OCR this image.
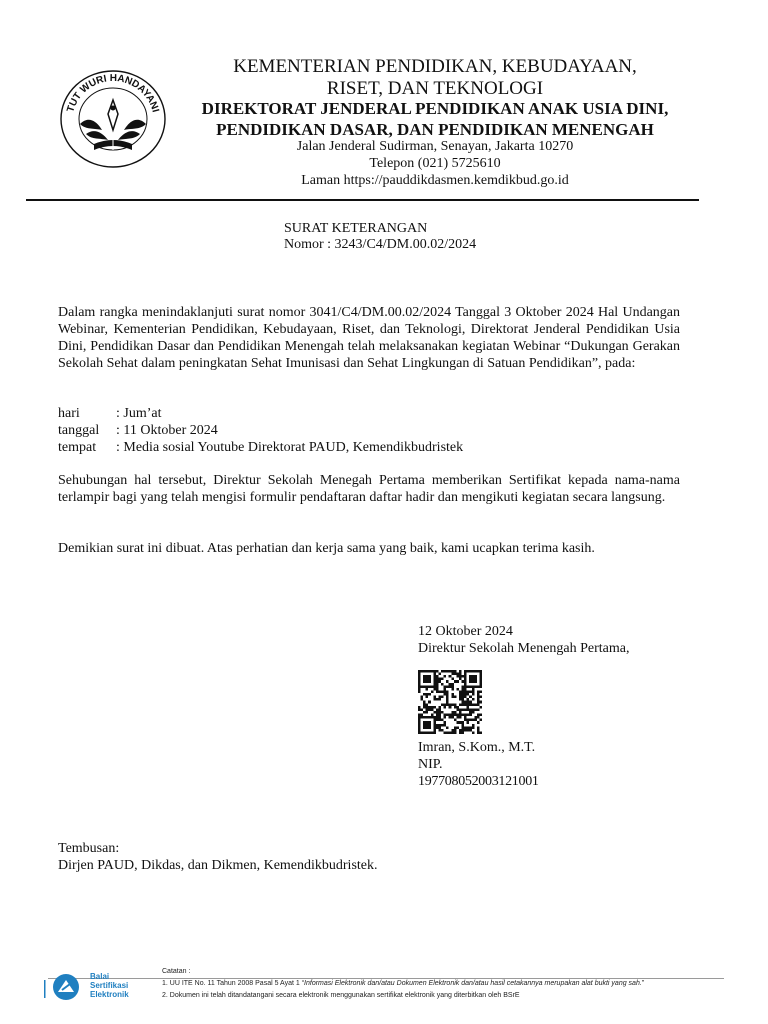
TUT WURI HANDAYANI
KEMENTERIAN PENDIDIKAN, KEBUDAYAAN,
RISET, DAN TEKNOLOGI
DIREKTORAT JENDERAL PENDIDIKAN ANAK USIA DINI,
PENDIDIKAN DASAR, DAN PENDIDIKAN MENENGAH
Jalan Jenderal Sudirman, Senayan, Jakarta 10270
Telepon (021) 5725610
Laman https://pauddikdasmen.kemdikbud.go.id
SURAT KETERANGAN
Nomor : 3243/C4/DM.00.02/2024
Dalam rangka menindaklanjuti surat nomor 3041/C4/DM.00.02/2024 Tanggal 3 Oktober 2024 Hal Undangan Webinar, Kementerian Pendidikan, Kebudayaan, Riset, dan Teknologi, Direktorat Jenderal Pendidikan Usia Dini, Pendidikan Dasar dan Pendidikan Menengah telah melaksanakan kegiatan Webinar “Dukungan Gerakan Sekolah Sehat dalam peningkatan Sehat Imunisasi dan Sehat Lingkungan di Satuan Pendidikan”, pada:
hari	: Jum’at
tanggal : 11 Oktober 2024
tempat : Media sosial Youtube Direktorat PAUD, Kemendikbudristek
Sehubungan hal tersebut, Direktur Sekolah Menegah Pertama memberikan Sertifikat kepada nama-nama terlampir bagi yang telah mengisi formulir pendaftaran daftar hadir dan mengikuti kegiatan secara langsung.
Demikian surat ini dibuat. Atas perhatian dan kerja sama yang baik, kami ucapkan terima kasih.
12 Oktober 2024
Direktur Sekolah Menengah Pertama,
Imran, S.Kom., M.T.
NIP.
197708052003121001
Tembusan:
Dirjen PAUD, Dikdas, dan Dikmen, Kemendikbudristek.
Balai
Sertifikasi
Elektronik
Catatan :
1. UU ITE No. 11 Tahun 2008 Pasal 5 Ayat 1 “Informasi Elektronik dan/atau Dokumen Elektronik dan/atau hasil cetakannya merupakan alat bukti yang sah.”
2. Dokumen ini telah ditandatangani secara elektronik menggunakan sertifikat elektronik yang diterbitkan oleh BSrE
